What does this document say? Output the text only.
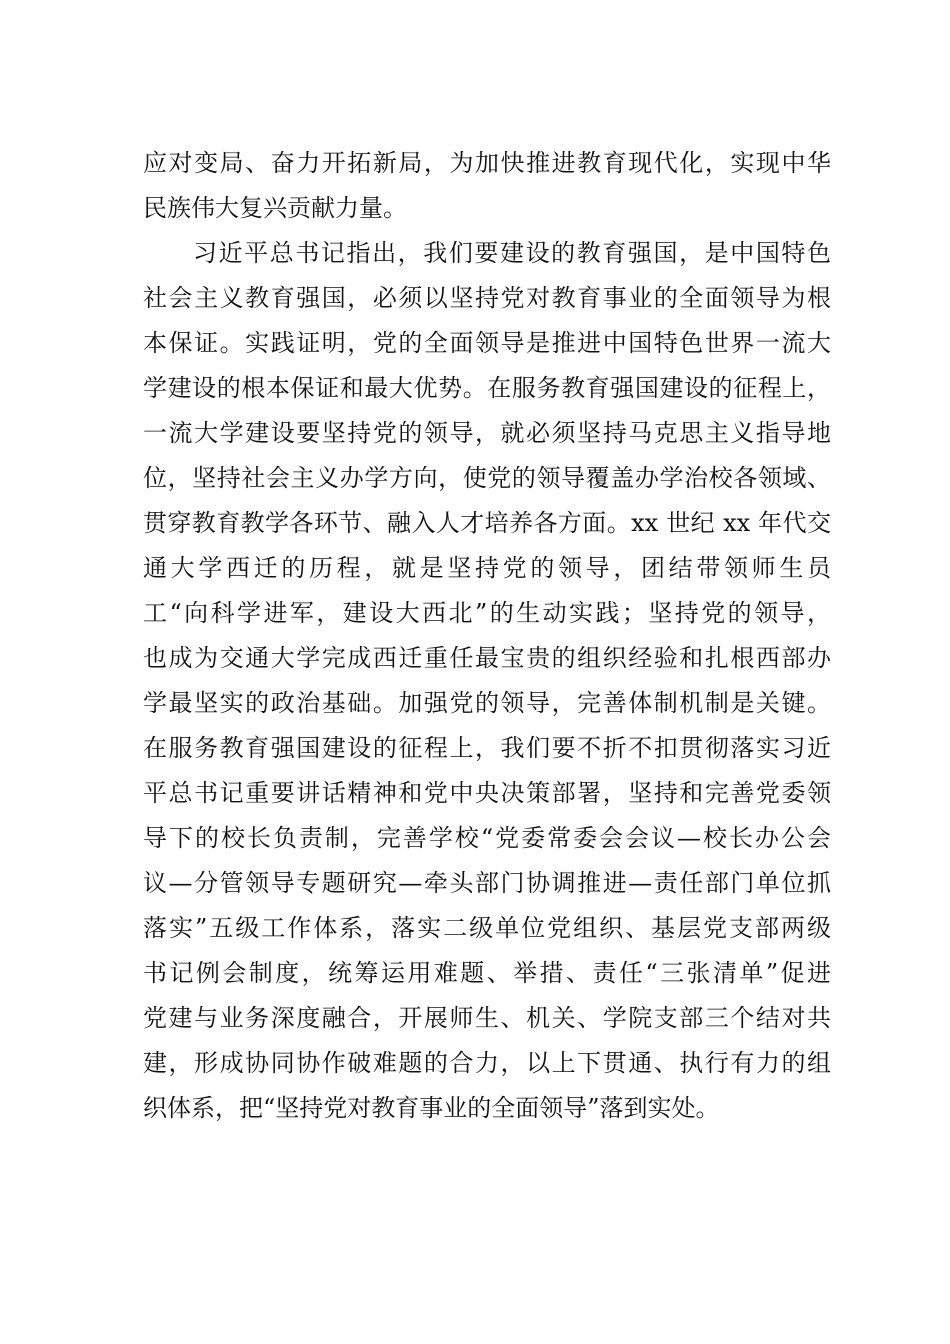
应对变局、奋力开拓新局，为加快推进教育现代化，实现中华
民族伟大复兴贡献力量。
习近平总书记指出，我们要建设的教育强国，是中国特色
社会主义教育强国，必须以坚持党对教育事业的全面领导为根
本保证。实践证明，党的全面领导是推进中国特色世界一流大
学建设的根本保证和最大优势。在服务教育强国建设的征程上，
一流大学建设要坚持党的领导，就必须坚持马克思主义指导地
位，坚持社会主义办学方向，使党的领导覆盖办学治校各领域、
贯穿教育教学各环节、融入人才培养各方面。xx 世纪 xx 年代交
通大学西迁的历程，就是坚持党的领导，团结带领师生员
工“向科学进军，建设大西北”的生动实践；坚持党的领导，
也成为交通大学完成西迁重任最宝贵的组织经验和扎根西部办
学最坚实的政治基础。加强党的领导，完善体制机制是关键。
在服务教育强国建设的征程上，我们要不折不扣贯彻落实习近
平总书记重要讲话精神和党中央决策部署，坚持和完善党委领
导下的校长负责制，完善学校“党委常委会会议—校长办公会
议—分管领导专题研究—牵头部门协调推进—责任部门单位抓
落实”五级工作体系，落实二级单位党组织、基层党支部两级
书记例会制度，统筹运用难题、举措、责任“三张清单”促进
党建与业务深度融合，开展师生、机关、学院支部三个结对共
建，形成协同协作破难题的合力，以上下贯通、执行有力的组
织体系，把“坚持党对教育事业的全面领导”落到实处。
